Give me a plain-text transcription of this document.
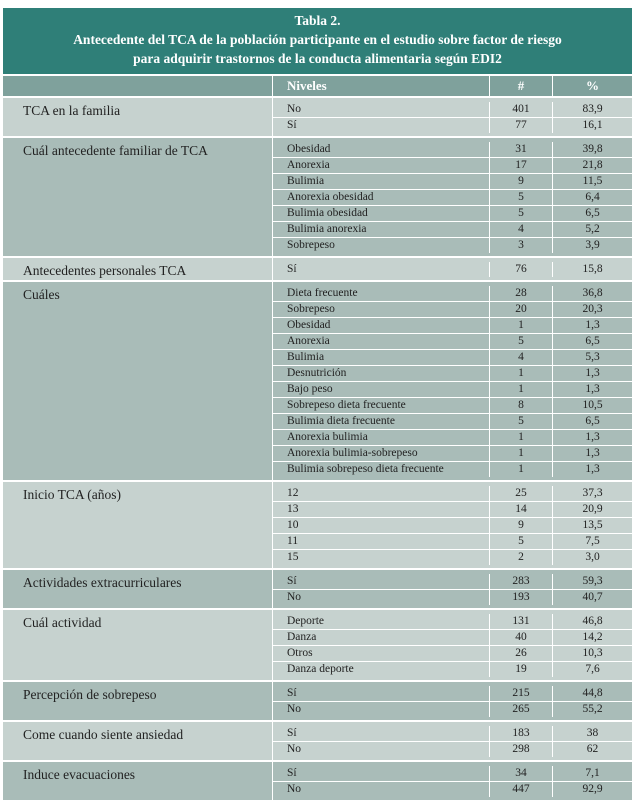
Tabla 2.
Antecedente del TCA de la población participante en el estudio sobre factor de riesgo
para adquirir trastornos de la conducta alimentaria según EDI2
Niveles	#	%
TCA en la familia	No	401	83,9
Sí	77	16,1
Cuál antecedente familiar de TCA	Obesidad	31	39,8
Anorexia	17	21,8
Bulimia	9	11,5
Anorexia obesidad	5	6,4
Bulimia obesidad	5	6,5
Bulimia anorexia	4	5,2
Sobrepeso	3	3,9
Antecedentes personales TCA	Sí	76	15,8
Cuáles	Dieta frecuente	28	36,8
Sobrepeso	20	20,3
Obesidad	1	1,3
Anorexia	5	6,5
Bulimia	4	5,3
Desnutrición	1	1,3
Bajo peso	1	1,3
Sobrepeso dieta frecuente	8	10,5
Bulimia dieta frecuente	5	6,5
Anorexia bulimia	1	1,3
Anorexia bulimia-sobrepeso	1	1,3
Bulimia sobrepeso dieta frecuente	1	1,3
Inicio TCA (años)	12	25	37,3
13	14	20,9
10	9	13,5
11	5	7,5
15	2	3,0
Actividades extracurriculares	Sí	283	59,3
No	193	40,7
Cuál actividad	Deporte	131	46,8
Danza	40	14,2
Otros	26	10,3
Danza deporte	19	7,6
Percepción de sobrepeso	Sí	215	44,8
No	265	55,2
Come cuando siente ansiedad	Sí	183	38
No	298	62
Induce evacuaciones	Sí	34	7,1
No	447	92,9
